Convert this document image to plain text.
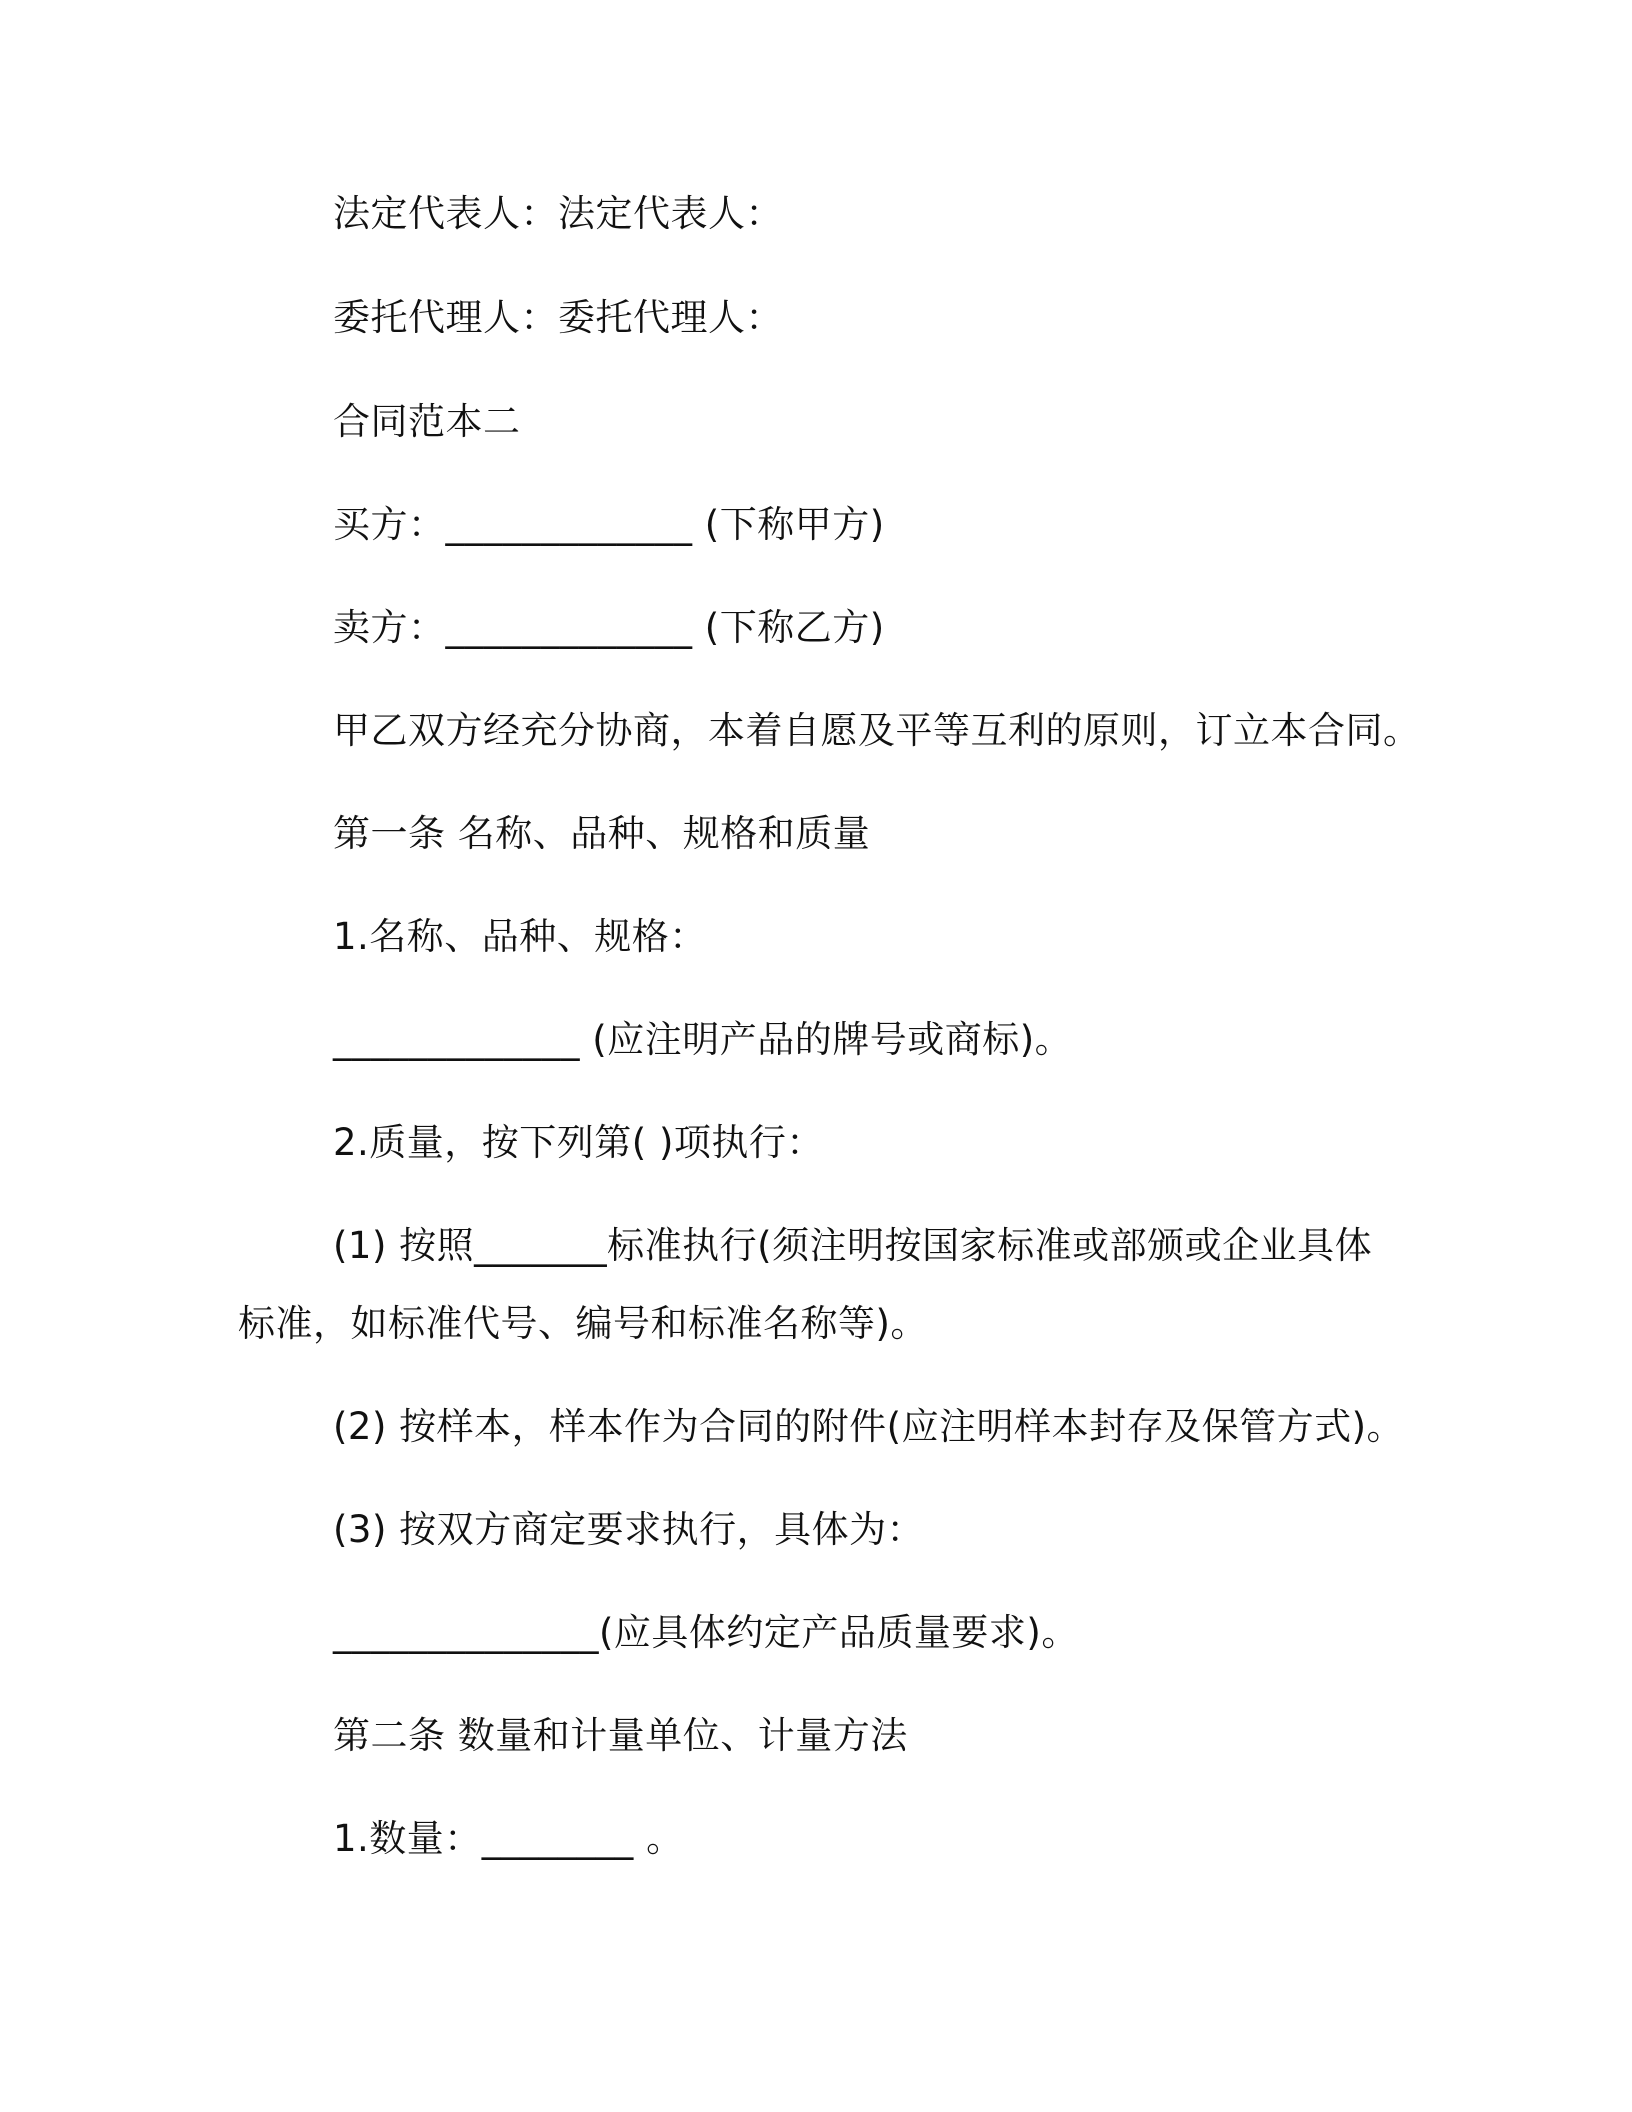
法定代表人：法定代表人：
委托代理人：委托代理人：
合同范本二
买方：_____________ (下称甲方)
卖方：_____________ (下称乙方)
甲乙双方经充分协商，本着自愿及平等互利的原则，订立本合同。
第一条 名称、品种、规格和质量
1.名称、品种、规格：
_____________ (应注明产品的牌号或商标)。
2.质量，按下列第( )项执行：
(1) 按照_______标准执行(须注明按国家标准或部颁或企业具体
标准，如标准代号、编号和标准名称等)。
(2) 按样本，样本作为合同的附件(应注明样本封存及保管方式)。
(3) 按双方商定要求执行，具体为：
______________(应具体约定产品质量要求)。
第二条 数量和计量单位、计量方法
1.数量：________ 。
